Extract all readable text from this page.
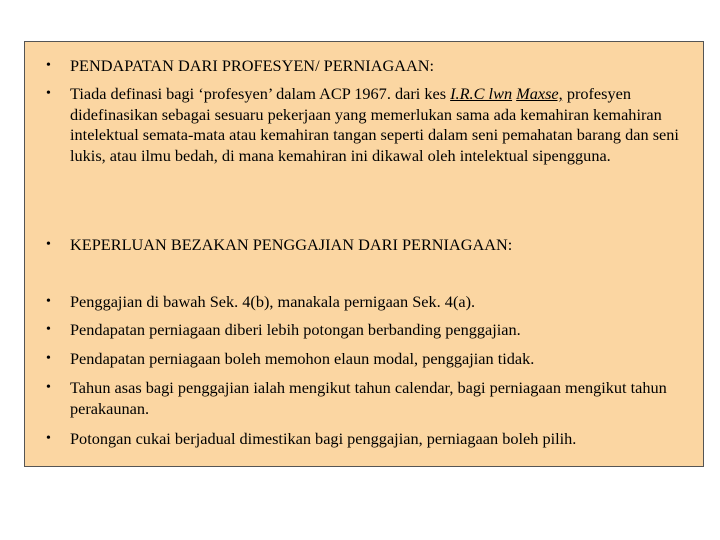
• PENDAPATAN DARI PROFESYEN/ PERNIAGAAN:
• Tiada definasi bagi ‘profesyen’ dalam ACP 1967. dari kes I.R.C lwn Maxse, profesyen didefinasikan sebagai sesuaru pekerjaan yang memerlukan sama ada kemahiran kemahiran intelektual semata-mata atau kemahiran tangan seperti dalam seni pemahatan barang dan seni lukis, atau ilmu bedah, di mana kemahiran ini dikawal oleh intelektual sipengguna.
• KEPERLUAN BEZAKAN PENGGAJIAN DARI PERNIAGAAN:
• Penggajian di bawah Sek. 4(b), manakala pernigaan Sek. 4(a).
• Pendapatan perniagaan diberi lebih potongan berbanding penggajian.
• Pendapatan perniagaan boleh memohon elaun modal, penggajian tidak.
• Tahun asas bagi penggajian ialah mengikut tahun calendar, bagi perniagaan mengikut tahun perakaunan.
• Potongan cukai berjadual dimestikan bagi penggajian, perniagaan boleh pilih.
